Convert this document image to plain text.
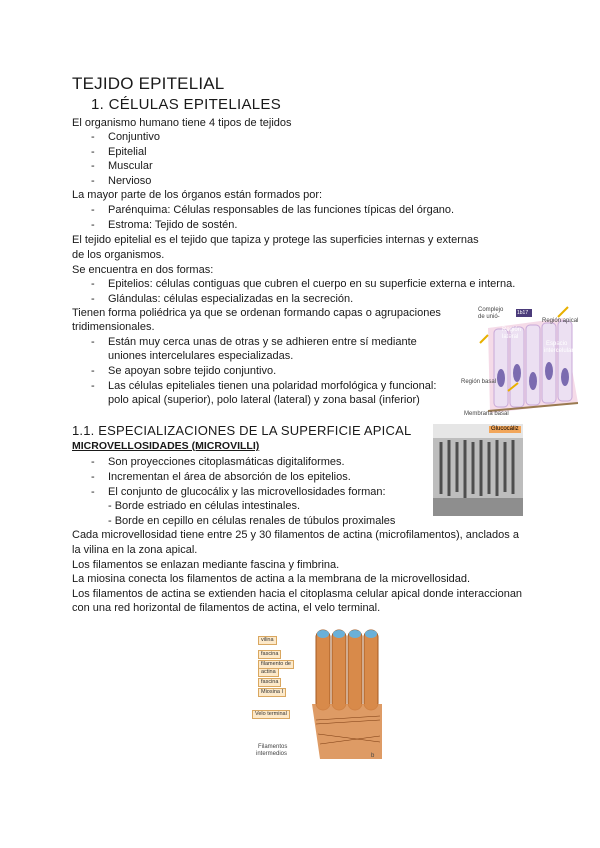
TEJIDO EPITELIAL
1. CÉLULAS EPITELIALES
El organismo humano tiene 4 tipos de tejidos
- Conjuntivo
- Epitelial
- Muscular
- Nervioso
La mayor parte de los órganos están formados por:
- Parénquima: Células responsables de las funciones típicas del órgano.
- Estroma: Tejido de sostén.
El tejido epitelial es el tejido que tapiza y protege las superficies internas y externas
de los organismos.
Se encuentra en dos formas:
- Epitelios: células contiguas que cubren el cuerpo en su superficie externa e interna.
- Glándulas: células especializadas en la secreción.
Tienen forma poliédrica ya que se ordenan formando capas o agrupaciones
tridimensionales.
- Están muy cerca unas de otras y se adhieren entre sí mediante
uniones intercelulares especializadas.
- Se apoyan sobre tejido conjuntivo.
- Las células epiteliales tienen una polaridad morfológica y funcional:
polo apical (superior), polo lateral (lateral) y zona basal (inferior)
Complejo
de unió-
1b17
Región apical
Región
lateral
Espacio
intercelular
Región basal
Membrana basal
1.1. ESPECIALIZACIONES DE LA SUPERFICIE APICAL
MICROVELLOSIDADES (MICROVILLI)
- Son proyecciones citoplasmáticas digitaliformes.
- Incrementan el área de absorción de los epitelios.
- El conjunto de glucocálix y las microvellosidades forman:
- Borde estriado en células intestinales.
- Borde en cepillo en células renales de túbulos proximales
Glucocáliz
Cada microvellosidad tiene entre 25 y 30 filamentos de actina (microfilamentos), anclados a
la vilina en la zona apical.
Los filamentos se enlazan mediante fascina y fimbrina.
La miosina conecta los filamentos de actina a la membrana de la microvellosidad.
Los filamentos de actina se extienden hacia el citoplasma celular apical donde interaccionan
con una red horizontal de filamentos de actina, el velo terminal.
vilina
fascina
filamento de
actina
fascina
Miosina I
Velo terminal
Filamentos
intermedios	b
